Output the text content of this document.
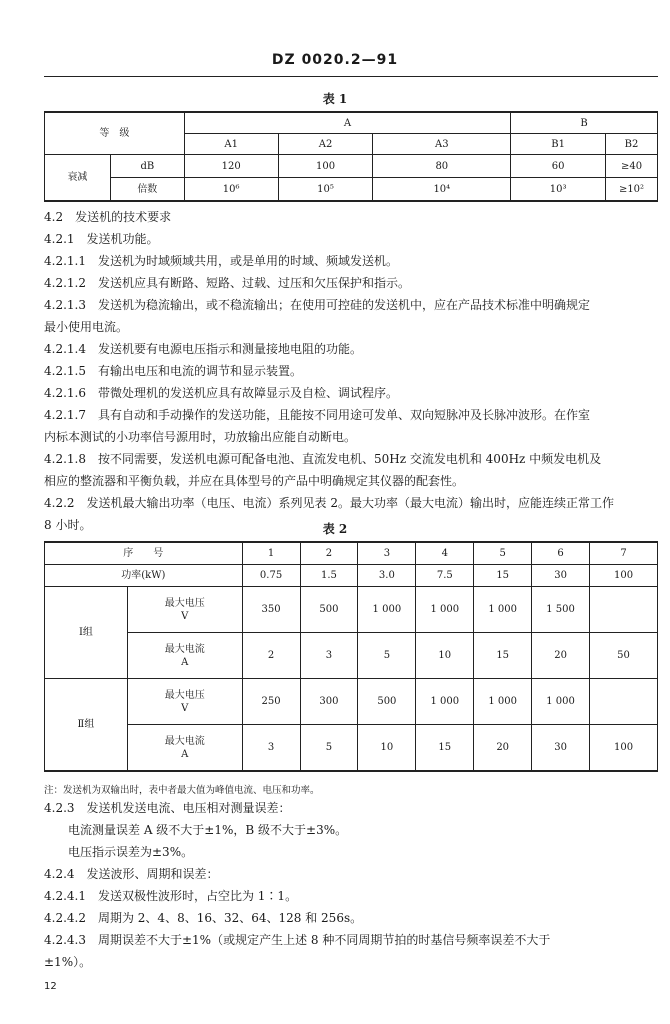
DZ 0020.2—91
表 1
等　级		A			B	
		A1	A2	A3	B1	B2
衰减	dB	120	100	80	60	≥40
	倍数	10⁶	10⁵	10⁴	10³	≥10²
4.2　发送机的技术要求
4.2.1　发送机功能。
4.2.1.1　发送机为时域频域共用，或是单用的时域、频域发送机。
4.2.1.2　发送机应具有断路、短路、过载、过压和欠压保护和指示。
4.2.1.3　发送机为稳流输出，或不稳流输出；在使用可控硅的发送机中，应在产品技术标准中明确规定
最小使用电流。
4.2.1.4　发送机要有电源电压指示和测量接地电阻的功能。
4.2.1.5　有输出电压和电流的调节和显示装置。
4.2.1.6　带微处理机的发送机应具有故障显示及自检、调试程序。
4.2.1.7　具有自动和手动操作的发送功能，且能按不同用途可发单、双向短脉冲及长脉冲波形。在作室
内标本测试的小功率信号源用时，功放输出应能自动断电。
4.2.1.8　按不同需要，发送机电源可配备电池、直流发电机、50Hz 交流发电机和 400Hz 中频发电机及
相应的整流器和平衡负载，并应在具体型号的产品中明确规定其仪器的配套性。
4.2.2　发送机最大输出功率（电压、电流）系列见表 2。最大功率（最大电流）输出时，应能连续正常工作
8 小时。	表 2
序　　号		1	2	3	4	5	6	7
功率(kW)		0.75	1.5	3.0	7.5	15	30	100
Ⅰ组	最大电压
V	350	500	1 000	1 000	1 000	1 500	
	最大电流
A	2	3	5	10	15	20	50
Ⅱ组	最大电压
V	250	300	500	1 000	1 000	1 000	
	最大电流
A	3	5	10	15	20	30	100
注：发送机为双输出时，表中者最大值为峰值电流、电压和功率。
4.2.3　发送机发送电流、电压相对测量误差：
　　电流测量误差 A 级不大于±1%，B 级不大于±3%。
　　电压指示误差为±3%。
4.2.4　发送波形、周期和误差：
4.2.4.1　发送双极性波形时，占空比为 1∶1。
4.2.4.2　周期为 2、4、8、16、32、64、128 和 256s。
4.2.4.3　周期误差不大于±1%（或规定产生上述 8 种不同周期节拍的时基信号频率误差不大于
±1%）。
12
